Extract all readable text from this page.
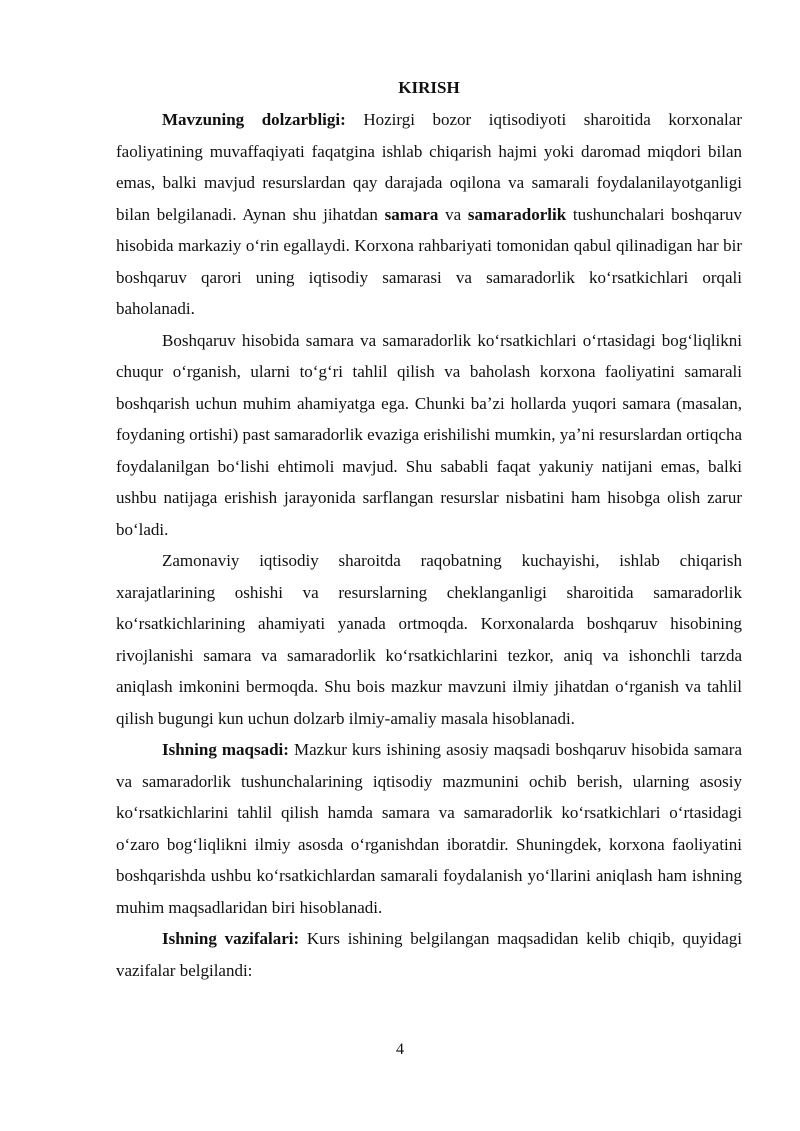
KIRISH

Mavzuning dolzarbligi: Hozirgi bozor iqtisodiyoti sharoitida korxonalar faoliyatining muvaffaqiyati faqatgina ishlab chiqarish hajmi yoki daromad miqdori bilan emas, balki mavjud resurslardan qay darajada oqilona va samarali foydalanilayotganligi bilan belgilanadi. Aynan shu jihatdan samara va samaradorlik tushunchalari boshqaruv hisobida markaziy oʻrin egallaydi. Korxona rahbariyati tomonidan qabul qilinadigan har bir boshqaruv qarori uning iqtisodiy samarasi va samaradorlik koʻrsatkichlari orqali baholanadi.

Boshqaruv hisobida samara va samaradorlik koʻrsatkichlari oʻrtasidagi bogʻliqlikni chuqur oʻrganish, ularni toʻgʻri tahlil qilish va baholash korxona faoliyatini samarali boshqarish uchun muhim ahamiyatga ega. Chunki baʼzi hollarda yuqori samara (masalan, foydaning ortishi) past samaradorlik evaziga erishilishi mumkin, yaʼni resurslardan ortiqcha foydalanilgan boʻlishi ehtimoli mavjud. Shu sababli faqat yakuniy natijani emas, balki ushbu natijaga erishish jarayonida sarflangan resurslar nisbatini ham hisobga olish zarur boʻladi.

Zamonaviy iqtisodiy sharoitda raqobatning kuchayishi, ishlab chiqarish xarajatlarining oshishi va resurslarning cheklanganligi sharoitida samaradorlik koʻrsatkichlarining ahamiyati yanada ortmoqda. Korxonalarda boshqaruv hisobining rivojlanishi samara va samaradorlik koʻrsatkichlarini tezkor, aniq va ishonchli tarzda aniqlash imkonini bermoqda. Shu bois mazkur mavzuni ilmiy jihatdan oʻrganish va tahlil qilish bugungi kun uchun dolzarb ilmiy-amaliy masala hisoblanadi.

Ishning maqsadi: Mazkur kurs ishining asosiy maqsadi boshqaruv hisobida samara va samaradorlik tushunchalarining iqtisodiy mazmunini ochib berish, ularning asosiy koʻrsatkichlarini tahlil qilish hamda samara va samaradorlik koʻrsatkichlari oʻrtasidagi oʻzaro bogʻliqlikni ilmiy asosda oʻrganishdan iboratdir. Shuningdek, korxona faoliyatini boshqarishda ushbu koʻrsatkichlardan samarali foydalanish yoʻllarini aniqlash ham ishning muhim maqsadlaridan biri hisoblanadi.

Ishning vazifalari: Kurs ishining belgilangan maqsadidan kelib chiqib, quyidagi vazifalar belgilandi:

4
